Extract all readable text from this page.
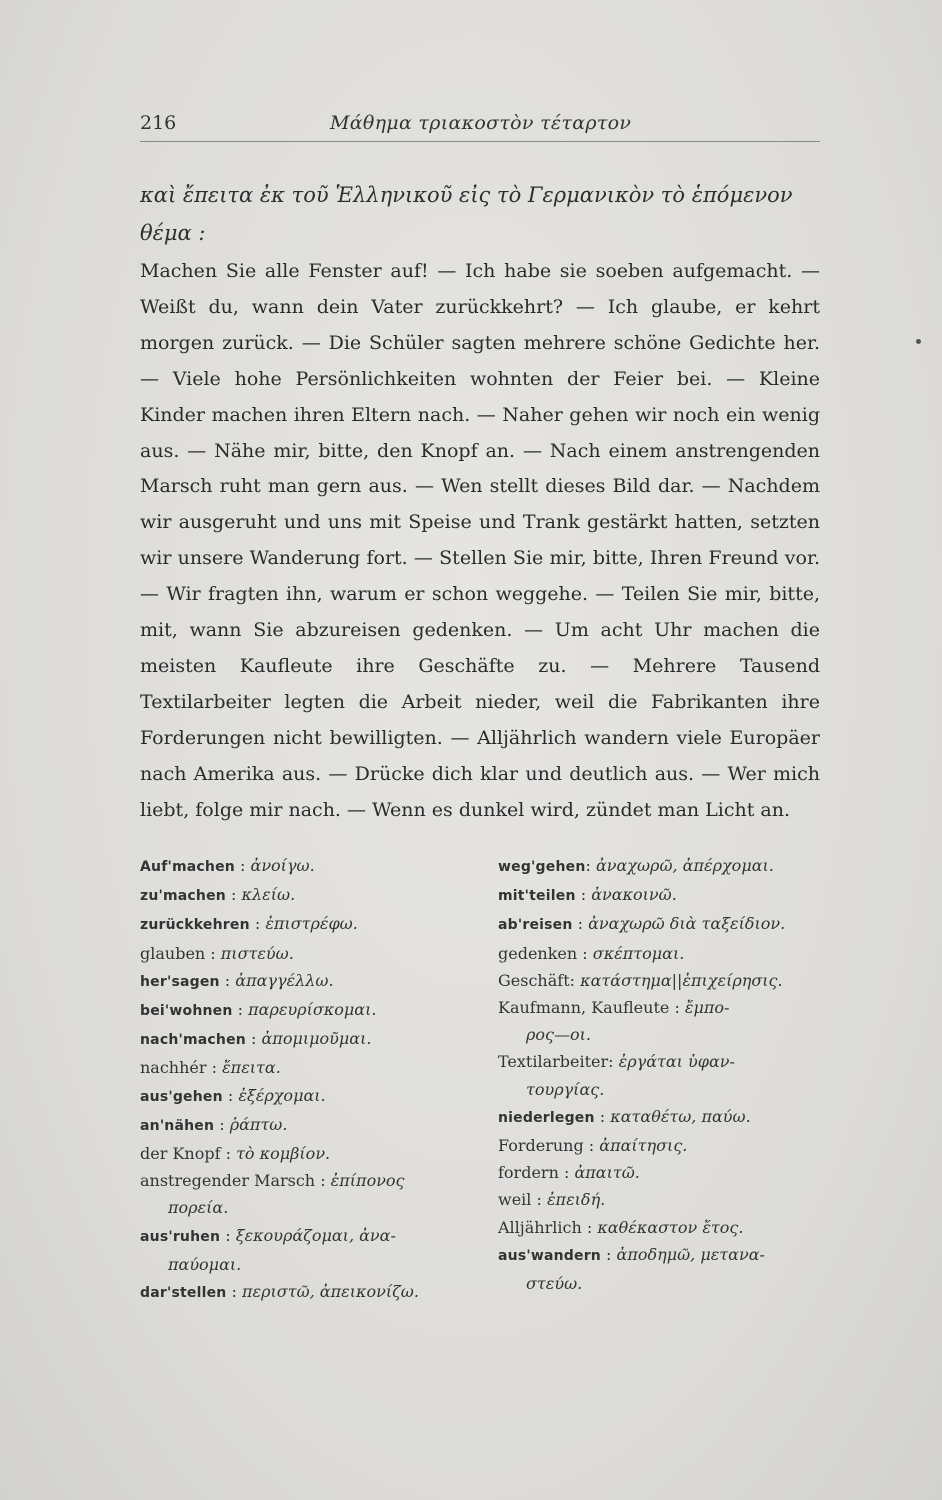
216	Μάθημα τριακοστὸν τέταρτον
καὶ ἔπειτα ἐκ τοῦ Ἑλληνικοῦ εἰς τὸ Γερμανικὸν τὸ ἑπόμενον θέμα :

Machen Sie alle Fenster auf! — Ich habe sie soeben aufgemacht. — Weißt du, wann dein Vater zurückkehrt? — Ich glaube, er kehrt morgen zurück. — Die Schüler sagten mehrere schöne Gedichte her. — Viele hohe Persönlichkeiten wohnten der Feier bei. — Kleine Kinder machen ihren Eltern nach. — Naher gehen wir noch ein wenig aus. — Nähe mir, bitte, den Knopf an. — Nach einem anstrengenden Marsch ruht man gern aus. — Wen stellt dieses Bild dar. — Nachdem wir ausgeruht und uns mit Speise und Trank gestärkt hatten, setzten wir unsere Wanderung fort. — Stellen Sie mir, bitte, Ihren Freund vor. — Wir fragten ihn, warum er schon weggehe. — Teilen Sie mir, bitte, mit, wann Sie abzureisen gedenken. — Um acht Uhr machen die meisten Kaufleute ihre Geschäfte zu. — Mehrere Tausend Textilarbeiter legten die Arbeit nieder, weil die Fabrikanten ihre Forderungen nicht bewilligten. — Alljährlich wandern viele Europäer nach Amerika aus. — Drücke dich klar und deutlich aus. — Wer mich liebt, folge mir nach. — Wenn es dunkel wird, zündet man Licht an.

Auf'machen : ἀνοίγω.
zu'machen : κλείω.
zurückkehren : ἐπιστρέφω.
glauben : πιστεύω.
her'sagen : ἀπαγγέλλω.
bei'wohnen : παρευρίσκομαι.
nach'machen : ἀπομιμοῦμαι.
nachhér : ἔπειτα.
aus'gehen : ἐξέρχομαι.
an'nähen : ῥάπτω.
der Knopf : τὸ κομβίον.
anstregender Marsch : ἐπίπονος
πορεία.
aus'ruhen : ξεκουράζομαι, ἀνα-
παύομαι.
dar'stellen : περιστῶ, ἀπεικονίζω.
weg'gehen: ἀναχωρῶ, ἀπέρχομαι.
mit'teilen : ἀνακοινῶ.
ab'reisen : ἀναχωρῶ διὰ ταξείδιον.
gedenken : σκέπτομαι.
Geschäft: κατάστημα||ἐπιχείρησις.
Kaufmann, Kaufleute : ἔμπο-
ρος—οι.
Textilarbeiter: ἐργάται ὑφαν-
τουργίας.
niederlegen : καταθέτω, παύω.
Forderung : ἀπαίτησις.
fordern : ἀπαιτῶ.
weil : ἐπειδή.
Alljährlich : καθέκαστον ἔτος.
aus'wandern : ἀποδημῶ, μετανα-
στεύω.
